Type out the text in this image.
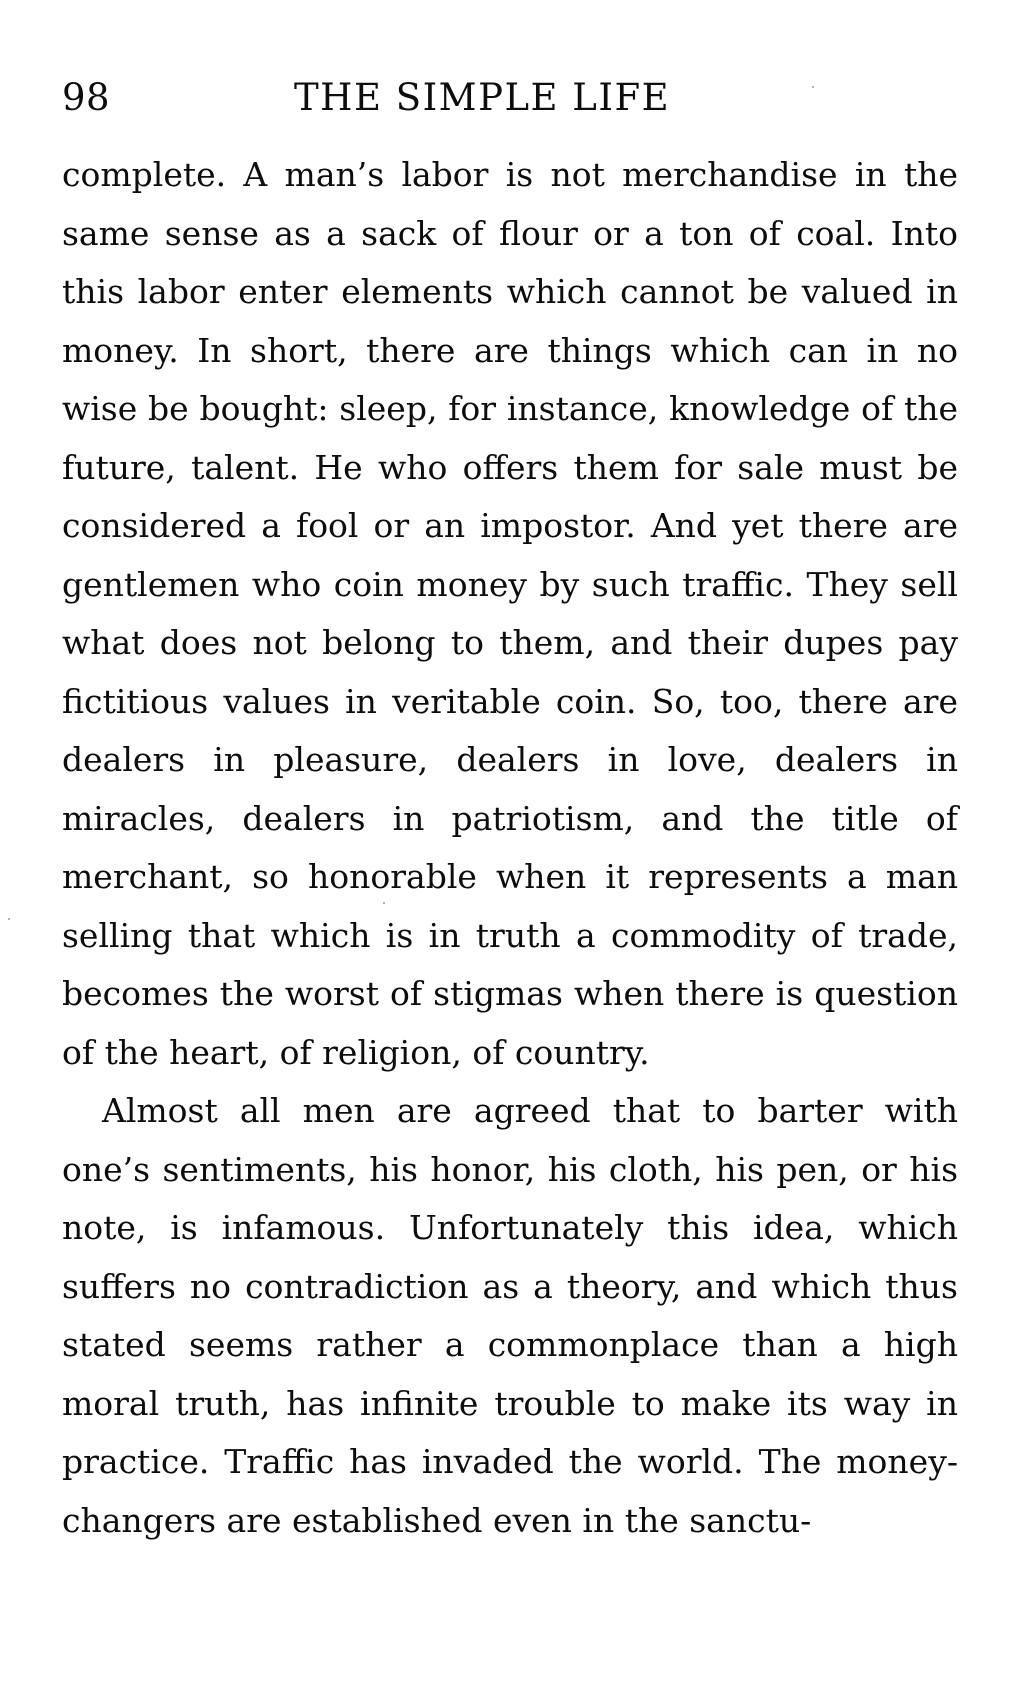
98	THE SIMPLE LIFE

complete. A man’s labor is not merchandise in the same sense as a sack of flour or a ton of coal. Into this labor enter elements which cannot be valued in money. In short, there are things which can in no wise be bought: sleep, for instance, knowledge of the future, talent. He who offers them for sale must be considered a fool or an impostor. And yet there are gentlemen who coin money by such traffic. They sell what does not belong to them, and their dupes pay fictitious values in veritable coin. So, too, there are dealers in pleasure, dealers in love, dealers in miracles, dealers in patriotism, and the title of merchant, so honorable when it represents a man selling that which is in truth a commodity of trade, becomes the worst of stigmas when there is question of the heart, of religion, of country.

Almost all men are agreed that to barter with one’s sentiments, his honor, his cloth, his pen, or his note, is infamous. Unfortunately this idea, which suffers no contradiction as a theory, and which thus stated seems rather a commonplace than a high moral truth, has infinite trouble to make its way in practice. Traffic has invaded the world. The money-changers are established even in the sanctu-
